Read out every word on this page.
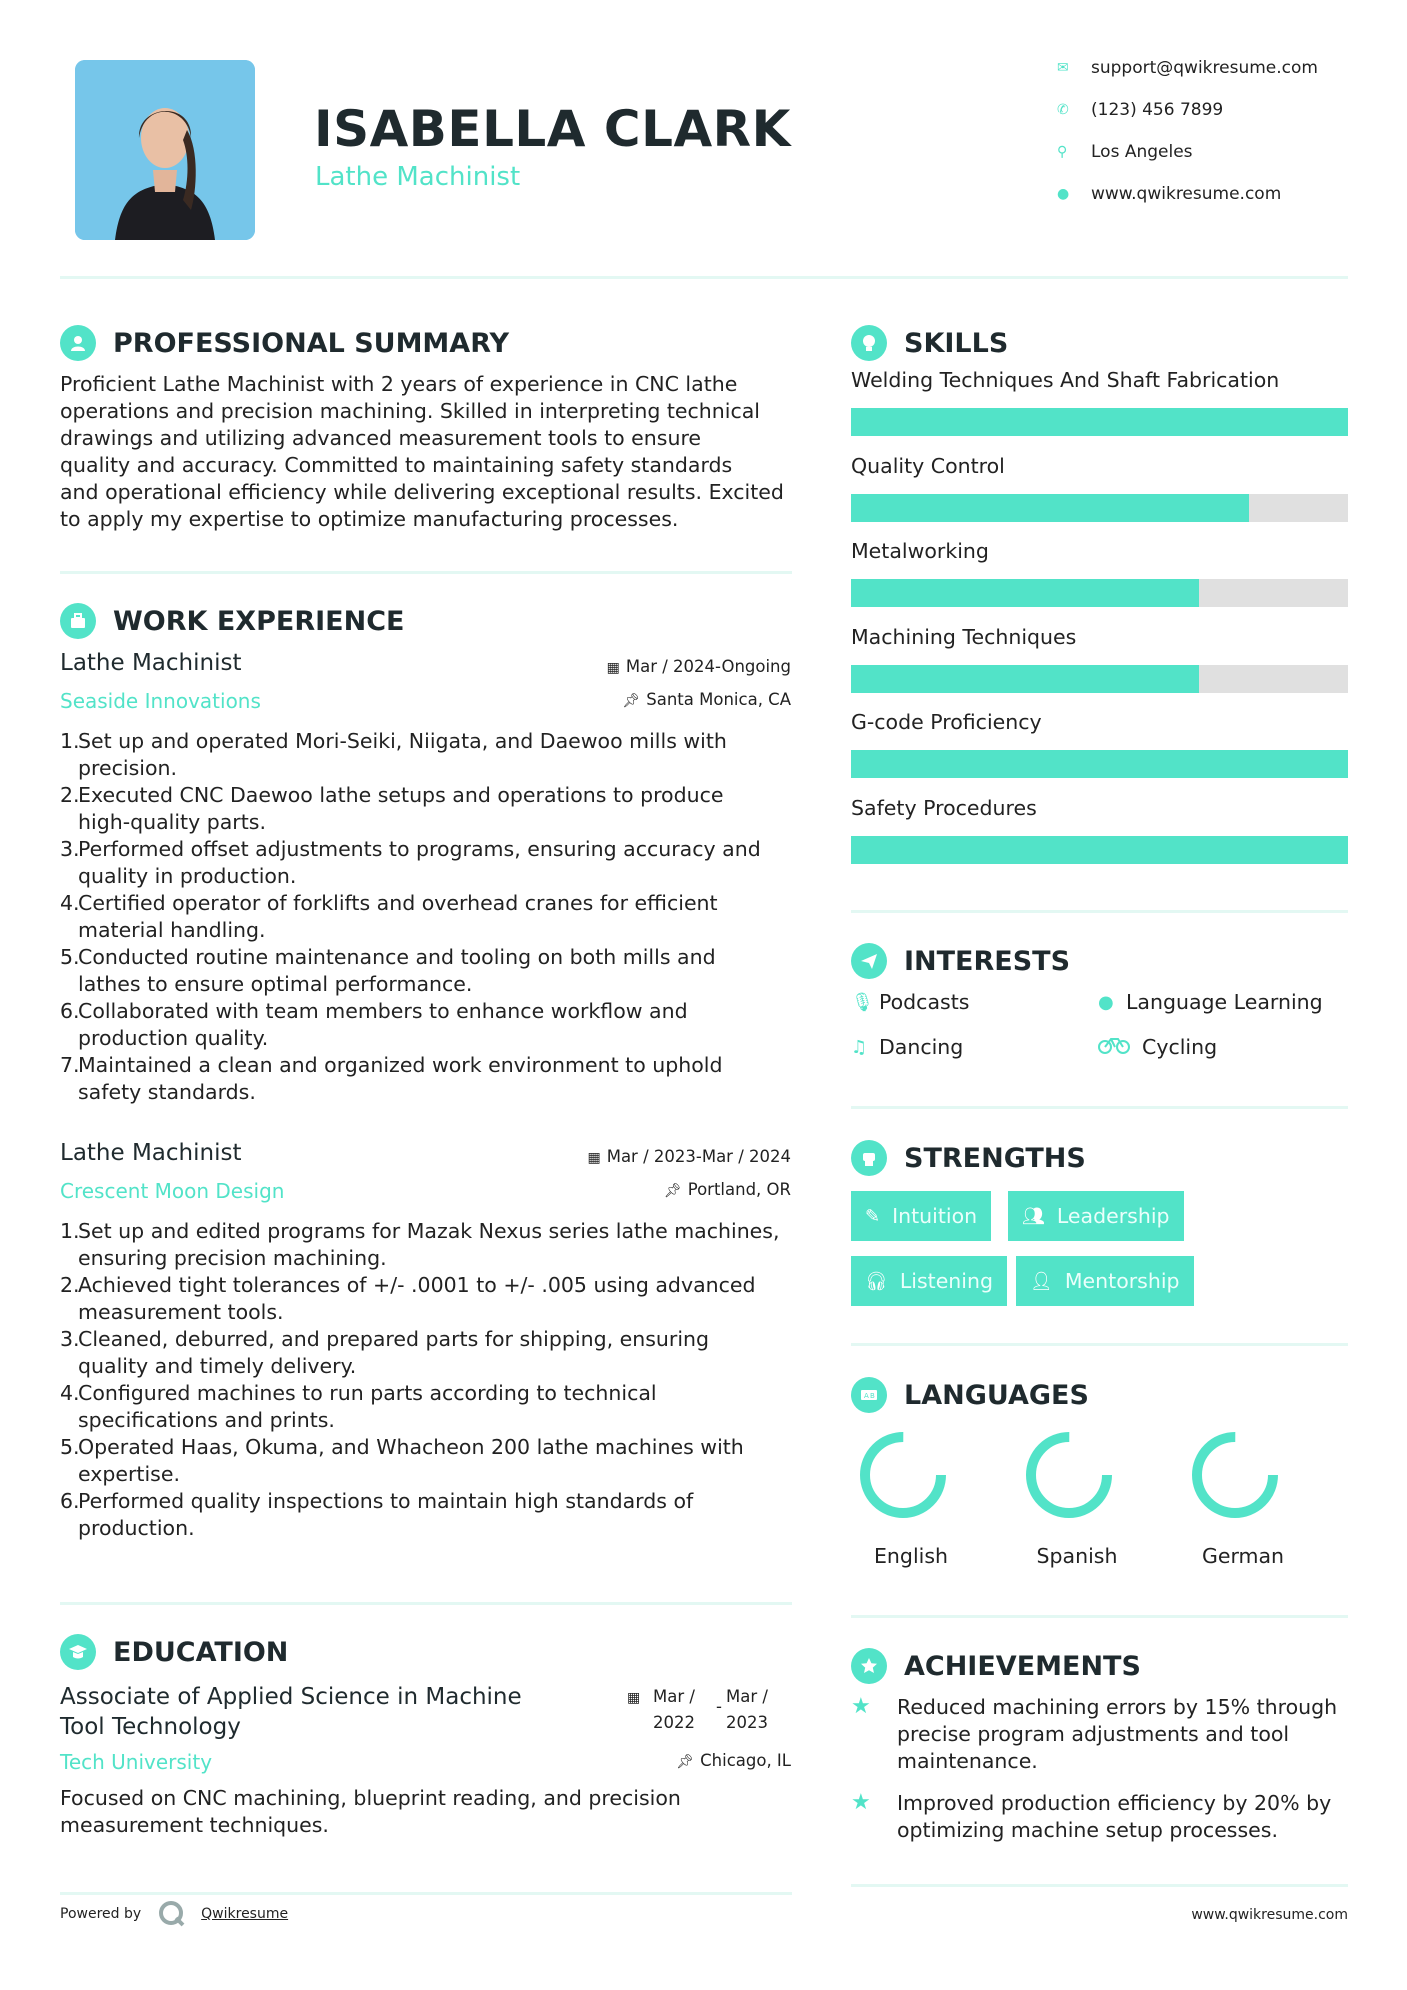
ISABELLA CLARK
Lathe Machinist
✉	support@qwikresume.com
✆	(123) 456 7899
⚲	Los Angeles
●	www.qwikresume.com
PROFESSIONAL SUMMARY
Proficient Lathe Machinist with 2 years of experience in CNC lathe
operations and precision machining. Skilled in interpreting technical
drawings and utilizing advanced measurement tools to ensure
quality and accuracy. Committed to maintaining safety standards
and operational efficiency while delivering exceptional results. Excited
to apply my expertise to optimize manufacturing processes.
WORK EXPERIENCE
Lathe Machinist	▦ Mar / 2024-Ongoing
Seaside Innovations	📌︎ Santa Monica, CA
1.
Set up and operated Mori-Seiki, Niigata, and Daewoo mills with
precision.
2.
Executed CNC Daewoo lathe setups and operations to produce
high-quality parts.
3.
Performed offset adjustments to programs, ensuring accuracy and
quality in production.
4.
Certified operator of forklifts and overhead cranes for efficient
material handling.
5.
Conducted routine maintenance and tooling on both mills and
lathes to ensure optimal performance.
6.
Collaborated with team members to enhance workflow and
production quality.
7.
Maintained a clean and organized work environment to uphold
safety standards.
Lathe Machinist	▦ Mar / 2023-Mar / 2024
Crescent Moon Design	📌︎ Portland, OR
1.
Set up and edited programs for Mazak Nexus series lathe machines,
ensuring precision machining.
2.
Achieved tight tolerances of +/- .0001 to +/- .005 using advanced
measurement tools.
3.
Cleaned, deburred, and prepared parts for shipping, ensuring
quality and timely delivery.
4.
Configured machines to run parts according to technical
specifications and prints.
5.
Operated Haas, Okuma, and Whacheon 200 lathe machines with
expertise.
6.
Performed quality inspections to maintain high standards of
production.
EDUCATION
Associate of Applied Science in Machine
Tool Technology
▦ Mar /
2022
-
Mar /
2023
Tech University	📌︎ Chicago, IL
Focused on CNC machining, blueprint reading, and precision
measurement techniques.
SKILLS
Welding Techniques And Shaft Fabrication
Quality Control
Metalworking
Machining Techniques
G-code Proficiency
Safety Procedures
INTERESTS
🎙︎ Podcasts	● Language Learning
♫ Dancing	Cycling
STRENGTHS
✎ Intuition 👥︎ Leadership
🎧︎ Listening 👤︎ Mentorship
A B LANGUAGES
English	Spanish	German
ACHIEVEMENTS
★	Reduced machining errors by 15% through
precise program adjustments and tool
maintenance.
★	Improved production efficiency by 20% by
optimizing machine setup processes.
Powered by	Qwikresume	www.qwikresume.com
